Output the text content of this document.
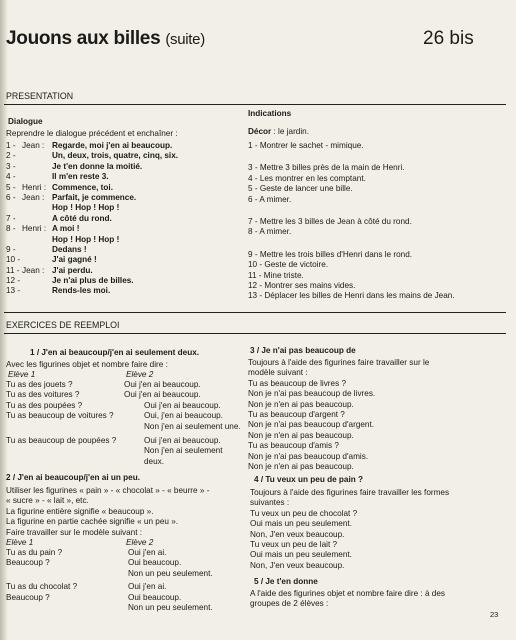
Jouons aux billes (suite)	26 bis
PRESENTATION
Dialogue
Reprendre le dialogue précédent et enchaîner :
1 - Jean : Regarde, moi j'en ai beaucoup.
2 -	Un, deux, trois, quatre, cinq, six.
3 -	Je t'en donne la moitié.
4 -	Il m'en reste 3.
5 - Henri : Commence, toi.
6 - Jean : Parfait, je commence.
Hop ! Hop ! Hop !
7 -	A côté du rond.
8 - Henri : A moi !
Hop ! Hop ! Hop !
9 -	Dedans !
10 -	J'ai gagné !
11 - Jean : J'ai perdu.
12 -	Je n'ai plus de billes.
13 -	Rends-les moi.
Indications
Décor : le jardin.
1 - Montrer le sachet - mimique.
3 - Mettre 3 billes près de la main de Henri.
4 - Les montrer en les comptant.
5 - Geste de lancer une bille.
6 - A mimer.
7 - Mettre les 3 billes de Jean à côté du rond.
8 - A mimer.
9 - Mettre les trois billes d'Henri dans le rond.
10 - Geste de victoire.
11 - Mine triste.
12 - Montrer ses mains vides.
13 - Déplacer les billes de Henri dans les mains de Jean.
EXERCICES DE REEMPLOI
1 / J'en ai beaucoup/j'en ai seulement deux.
Avec les figurines objet et nombre faire dire :
Elève 1	Elève 2
Tu as des jouets ?	Oui j'en ai beaucoup.
Tu as des voitures ?	Oui j'en ai beaucoup.
Tu as des poupées ?	Oui j'en ai beaucoup.
Tu as beaucoup de voitures ?	Oui, j'en ai beaucoup.
Non j'en ai seulement une.
Tu as beaucoup de poupées ?	Oui j'en ai beaucoup.
Non j'en ai seulement
deux.
2 / J'en ai beaucoup/j'en ai un peu.
Utiliser les figurines « pain » - « chocolat » - « beurre » -
« sucre » - « lait », etc.
La figurine entière signifie « beaucoup ».
La figurine en partie cachée signifie « un peu ».
Faire travailler sur le modèle suivant :
Elève 1	Elève 2
Tu as du pain ?	Oui j'en ai.
Beaucoup ?	Oui beaucoup.
Non un peu seulement.
Tu as du chocolat ?	Oui j'en ai.
Beaucoup ?	Oui beaucoup.
Non un peu seulement.
3 / Je n'ai pas beaucoup de
Toujours à l'aide des figurines faire travailler sur le
modèle suivant :
Tu as beaucoup de livres ?
Non je n'ai pas beaucoup de livres.
Non je n'en ai pas beaucoup.
Tu as beaucoup d'argent ?
Non je n'ai pas beaucoup d'argent.
Non je n'en ai pas beaucoup.
Tu as beaucoup d'amis ?
Non je n'ai pas beaucoup d'amis.
Non je n'en ai pas beaucoup.
4 / Tu veux un peu de pain ?
Toujours à l'aide des figurines faire travailler les formes
suivantes :
Tu veux un peu de chocolat ?
Oui mais un peu seulement.
Non, J'en veux beaucoup.
Tu veux un peu de lait ?
Oui mais un peu seulement.
Non, J'en veux beaucoup.
5 / Je t'en donne
A l'aide des figurines objet et nombre faire dire : à des
groupes de 2 élèves :
23
